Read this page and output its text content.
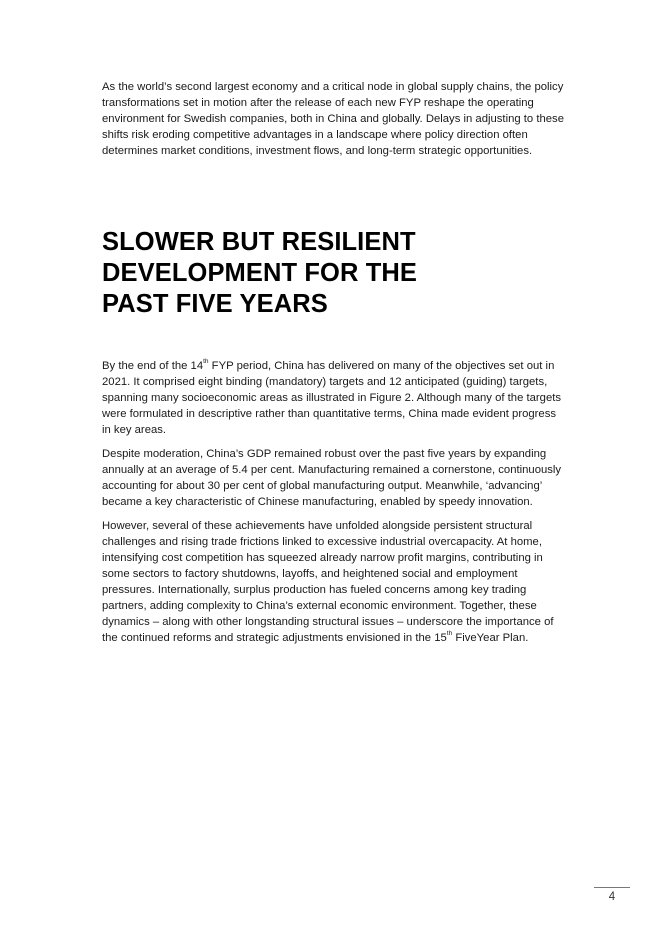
As the world’s second largest economy and a critical node in global supply chains, the policy transformations set in motion after the release of each new FYP reshape the operating environment for Swedish companies, both in China and globally. Delays in adjusting to these shifts risk eroding competitive advantages in a landscape where policy direction often determines market conditions, investment flows, and long-term strategic opportunities.

SLOWER BUT RESILIENT
DEVELOPMENT FOR THE
PAST FIVE YEARS

By the end of the 14th FYP period, China has delivered on many of the objectives set out in 2021. It comprised eight binding (mandatory) targets and 12 anticipated (guiding) targets, spanning many socioeconomic areas as illustrated in Figure 2. Although many of the targets were formulated in descriptive rather than quantitative terms, China made evident progress in key areas.

Despite moderation, China’s GDP remained robust over the past five years by expanding annually at an average of 5.4 per cent. Manufacturing remained a cornerstone, continuously accounting for about 30 per cent of global manufacturing output. Meanwhile, ‘advancing’ became a key characteristic of Chinese manufacturing, enabled by speedy innovation.

However, several of these achievements have unfolded alongside persistent structural challenges and rising trade frictions linked to excessive industrial overcapacity. At home, intensifying cost competition has squeezed already narrow profit margins, contributing in some sectors to factory shutdowns, layoffs, and heightened social and employment pressures. Internationally, surplus production has fueled concerns among key trading partners, adding complexity to China’s external economic environment. Together, these dynamics – along with other longstanding structural issues – underscore the importance of the continued reforms and strategic adjustments envisioned in the 15th FiveYear Plan.

4
